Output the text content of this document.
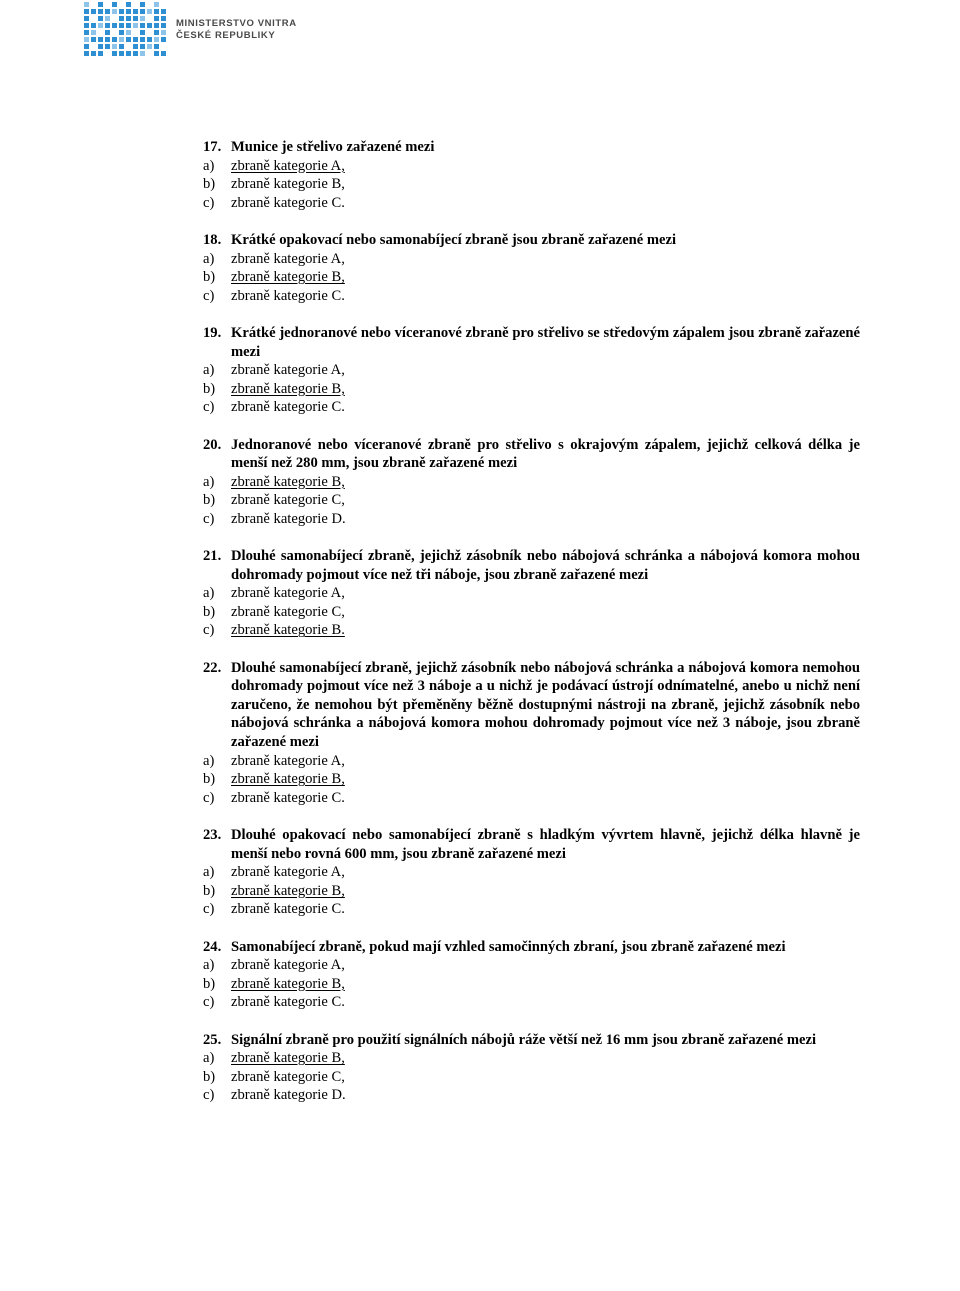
MINISTERSTVO VNITRA
ČESKÉ REPUBLIKY
17. Munice je střelivo zařazené mezi
a)	zbraně kategorie A,
b)	zbraně kategorie B,
c)	zbraně kategorie C.
18. Krátké opakovací nebo samonabíjecí zbraně jsou zbraně zařazené mezi
a)	zbraně kategorie A,
b)	zbraně kategorie B,
c)	zbraně kategorie C.
19. Krátké jednoranové nebo víceranové zbraně pro střelivo se středovým zápalem jsou zbraně zařazené mezi
a)	zbraně kategorie A,
b)	zbraně kategorie B,
c)	zbraně kategorie C.
20. Jednoranové nebo víceranové zbraně pro střelivo s okrajovým zápalem, jejichž celková délka je menší než 280 mm, jsou zbraně zařazené mezi
a)	zbraně kategorie B,
b)	zbraně kategorie C,
c)	zbraně kategorie D.
21. Dlouhé samonabíjecí zbraně, jejichž zásobník nebo nábojová schránka a nábojová komora mohou dohromady pojmout více než tři náboje, jsou zbraně zařazené mezi
a)	zbraně kategorie A,
b)	zbraně kategorie C,
c)	zbraně kategorie B.
22. Dlouhé samonabíjecí zbraně, jejichž zásobník nebo nábojová schránka a nábojová komora nemohou dohromady pojmout více než 3 náboje a u nichž je podávací ústrojí odnímatelné, anebo u nichž není zaručeno, že nemohou být přeměněny běžně dostupnými nástroji na zbraně, jejichž zásobník nebo nábojová schránka a nábojová komora mohou dohromady pojmout více než 3 náboje, jsou zbraně zařazené mezi
a)	zbraně kategorie A,
b)	zbraně kategorie B,
c)	zbraně kategorie C.
23. Dlouhé opakovací nebo samonabíjecí zbraně s hladkým vývrtem hlavně, jejichž délka hlavně je menší nebo rovná 600 mm, jsou zbraně zařazené mezi
a)	zbraně kategorie A,
b)	zbraně kategorie B,
c)	zbraně kategorie C.
24. Samonabíjecí zbraně, pokud mají vzhled samočinných zbraní, jsou zbraně zařazené mezi
a)	zbraně kategorie A,
b)	zbraně kategorie B,
c)	zbraně kategorie C.
25. Signální zbraně pro použití signálních nábojů ráže větší než 16 mm jsou zbraně zařazené mezi
a)	zbraně kategorie B,
b)	zbraně kategorie C,
c)	zbraně kategorie D.
